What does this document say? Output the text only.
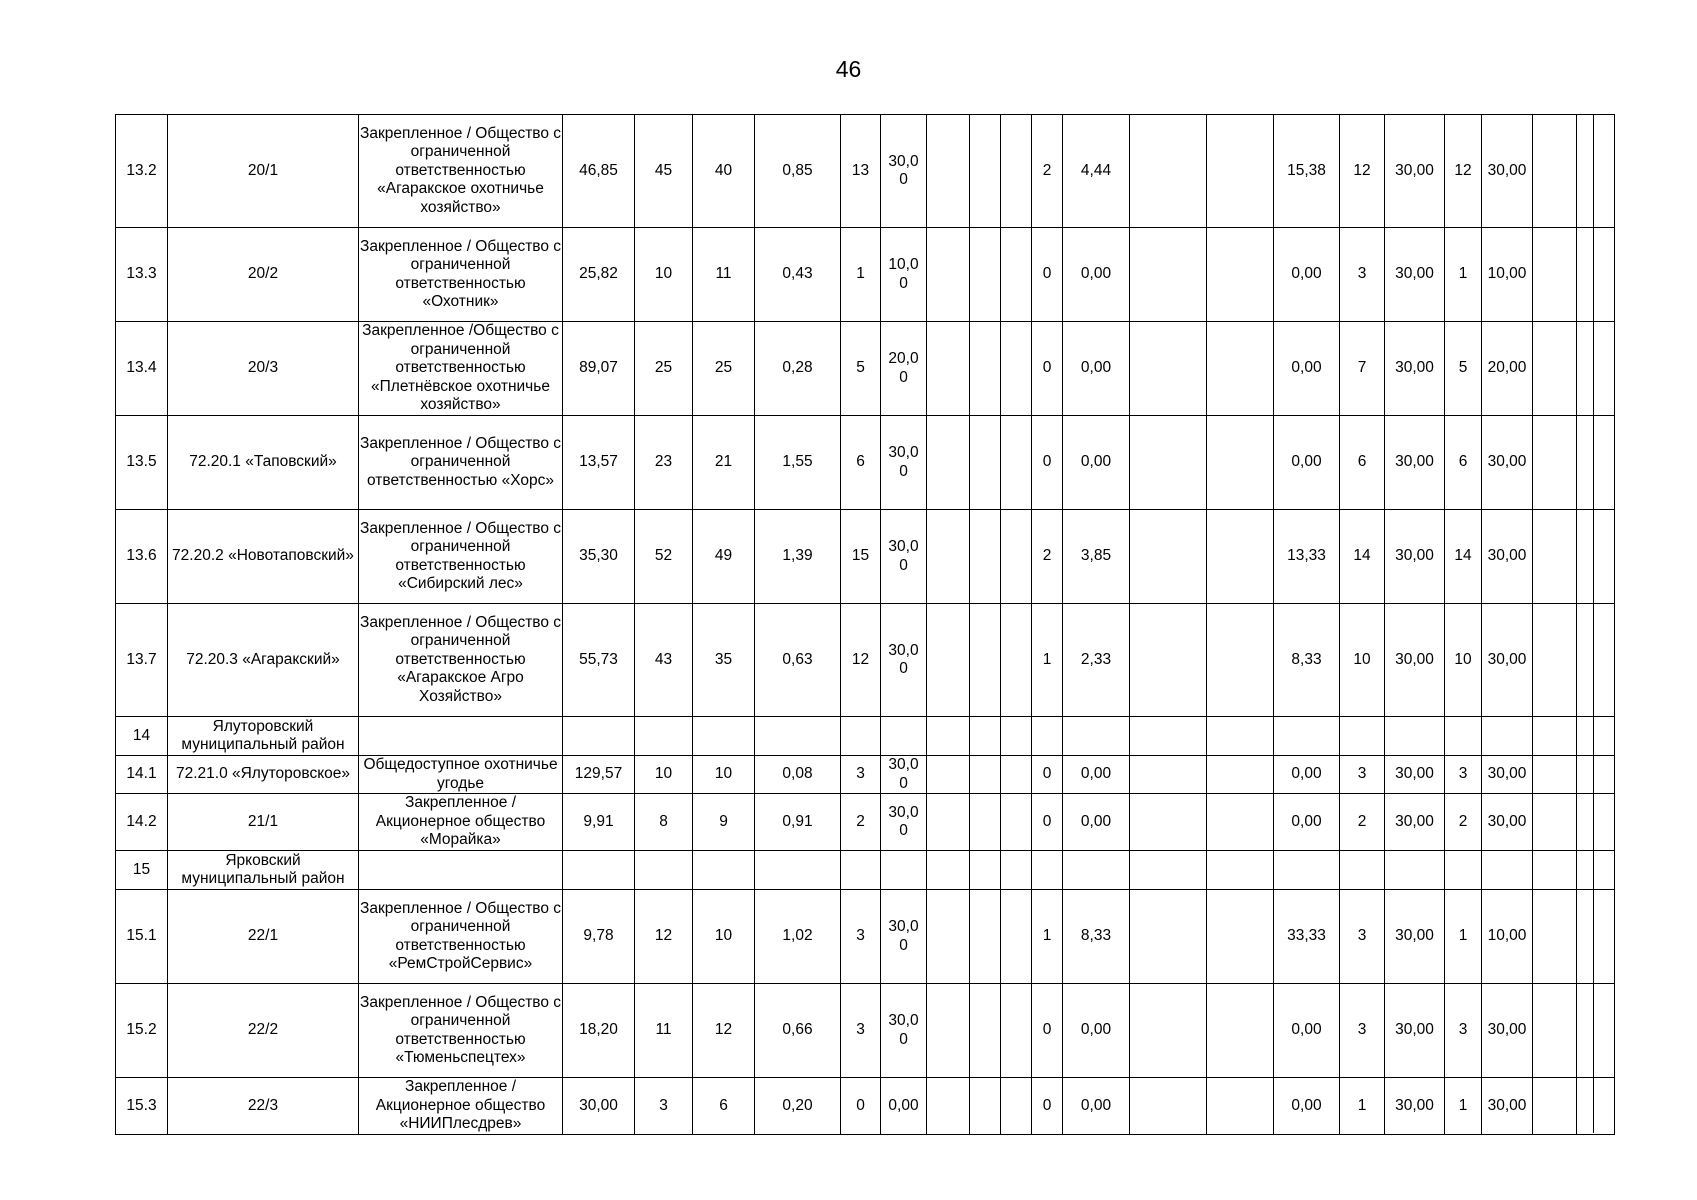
46
13.2	20/1	Закрепленное / Общество с ограниченной ответственностью «Агаракское охотничье хозяйство»	46,85	45	40	0,85	13	30,0 0				2	4,44			15,38	12	30,00	12	30,00		
13.3	20/2	Закрепленное / Общество с ограниченной ответственностью «Охотник»	25,82	10	11	0,43	1	10,0 0				0	0,00			0,00	3	30,00	1	10,00		
13.4	20/3	Закрепленное /Общество с ограниченной ответственностью «Плетнёвское охотничье хозяйство»	89,07	25	25	0,28	5	20,0 0				0	0,00			0,00	7	30,00	5	20,00		
13.5	72.20.1 «Таповский»	Закрепленное / Общество с ограниченной ответственностью «Хорс»	13,57	23	21	1,55	6	30,0 0				0	0,00			0,00	6	30,00	6	30,00		
13.6	72.20.2 «Новотаповский»	Закрепленное / Общество с ограниченной ответственностью «Сибирский лес»	35,30	52	49	1,39	15	30,0 0				2	3,85			13,33	14	30,00	14	30,00		
13.7	72.20.3 «Агаракский»	Закрепленное / Общество с ограниченной ответственностью «Агаракское Агро Хозяйство»	55,73	43	35	0,63	12	30,0 0				1	2,33			8,33	10	30,00	10	30,00		
14	Ялуторовский муниципальный район																					
14.1	72.21.0 «Ялуторовское»	Общедоступное охотничье угодье	129,57	10	10	0,08	3	30,0 0				0	0,00			0,00	3	30,00	3	30,00		
14.2	21/1	Закрепленное / Акционерное общество «Морайка»	9,91	8	9	0,91	2	30,0 0				0	0,00			0,00	2	30,00	2	30,00		
15	Ярковский муниципальный район																					
15.1	22/1	Закрепленное / Общество с ограниченной ответственностью «РемСтройСервис»	9,78	12	10	1,02	3	30,0 0				1	8,33			33,33	3	30,00	1	10,00		
15.2	22/2	Закрепленное / Общество с ограниченной ответственностью «Тюменьспецтех»	18,20	11	12	0,66	3	30,0 0				0	0,00			0,00	3	30,00	3	30,00		
15.3	22/3	Закрепленное / Акционерное общество «НИИПлесдрев»	30,00	3	6	0,20	0	0,00				0	0,00			0,00	1	30,00	1	30,00		
